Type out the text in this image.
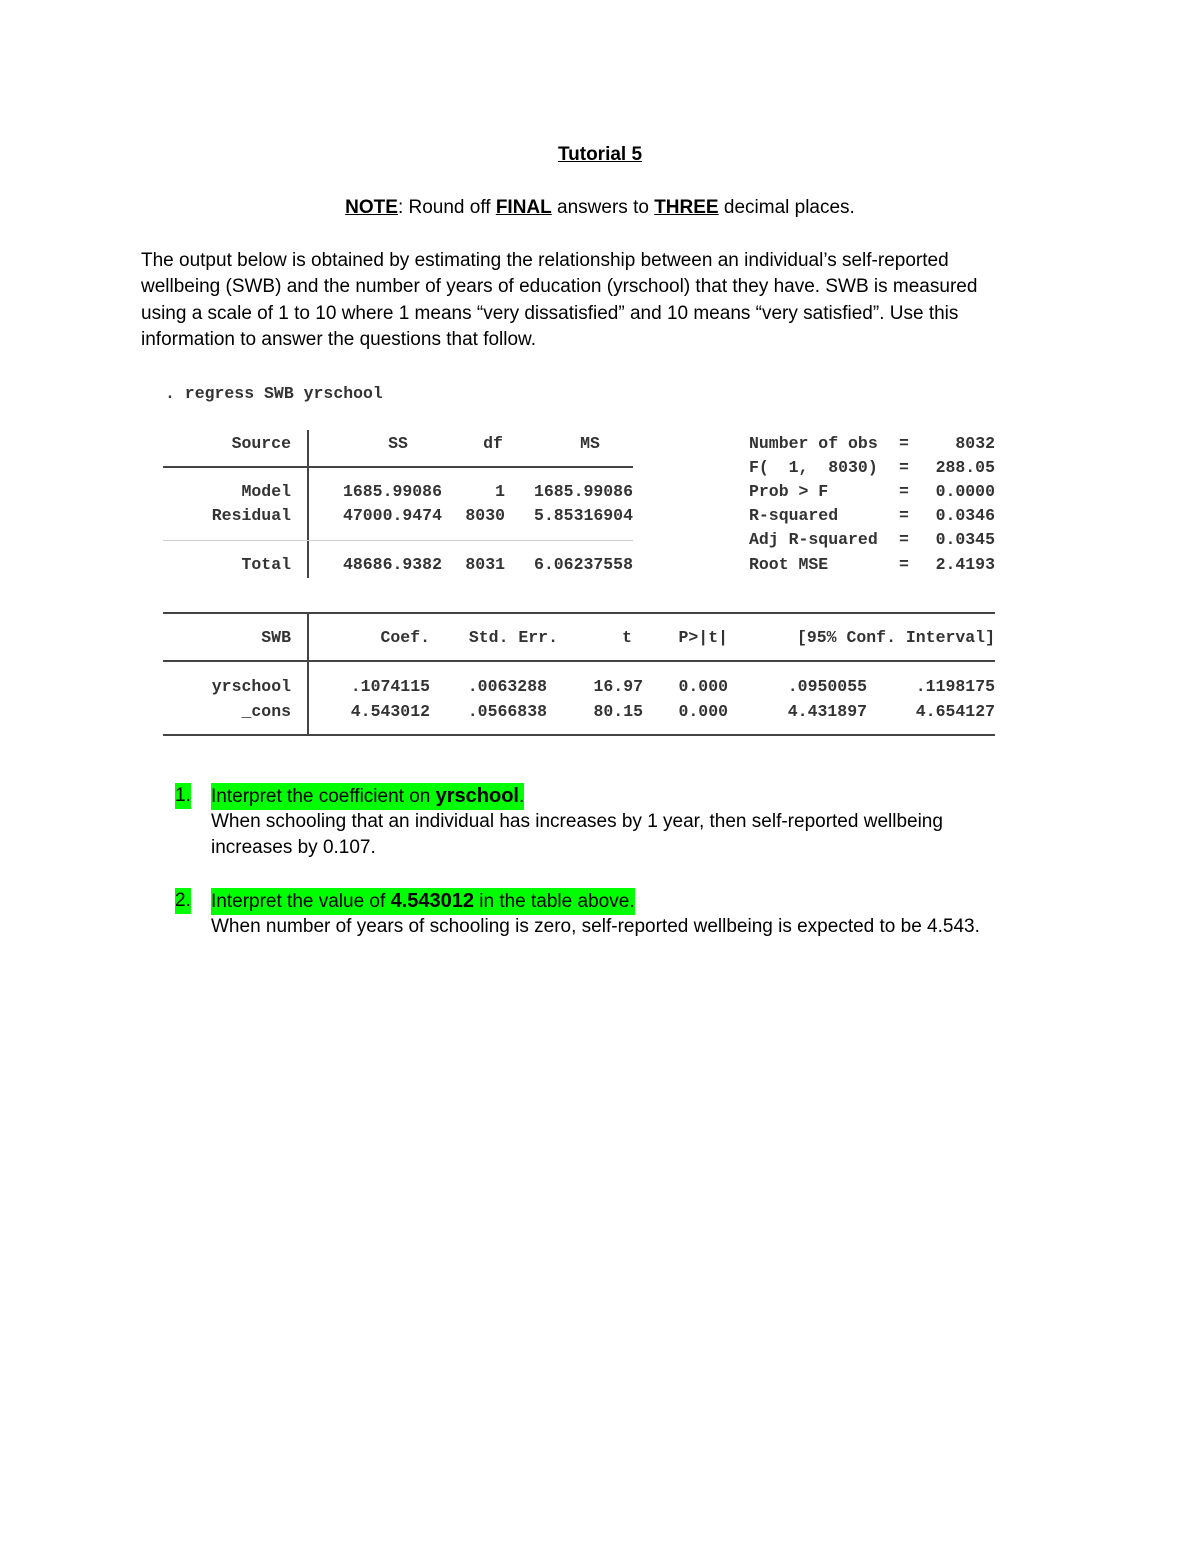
Tutorial 5
NOTE: Round off FINAL answers to THREE decimal places.

The output below is obtained by estimating the relationship between an individual’s self-reported wellbeing (SWB) and the number of years of education (yrschool) that they have. SWB is measured using a scale of 1 to 10 where 1 means “very dissatisfied” and 10 means “very satisfied”. Use this information to answer the questions that follow.

. regress SWB yrschool
Source	SS	df	MS
Model	1685.99086	1	1685.99086
Residual	47000.9474	8030	5.85316904
Total	48686.9382	8031	6.06237558
Number of obs =	8032
F(  1,  8030) =	288.05
Prob > F	=	0.0000
R-squared	=	0.0346
Adj R-squared =	0.0345
Root MSE	=	2.4193
SWB	Coef.	Std. Err.	t	P>|t|	[95% Conf. Interval]
yrschool	.1074115	.0063288	16.97	0.000	.0950055	.1198175
_cons	4.543012	.0566838	80.15	0.000	4.431897	4.654127
1. Interpret the coefficient on yrschool.

When schooling that an individual has increases by 1 year, then self-reported wellbeing increases by 0.107.

2. Interpret the value of 4.543012 in the table above.

When number of years of schooling is zero, self-reported wellbeing is expected to be 4.543.
